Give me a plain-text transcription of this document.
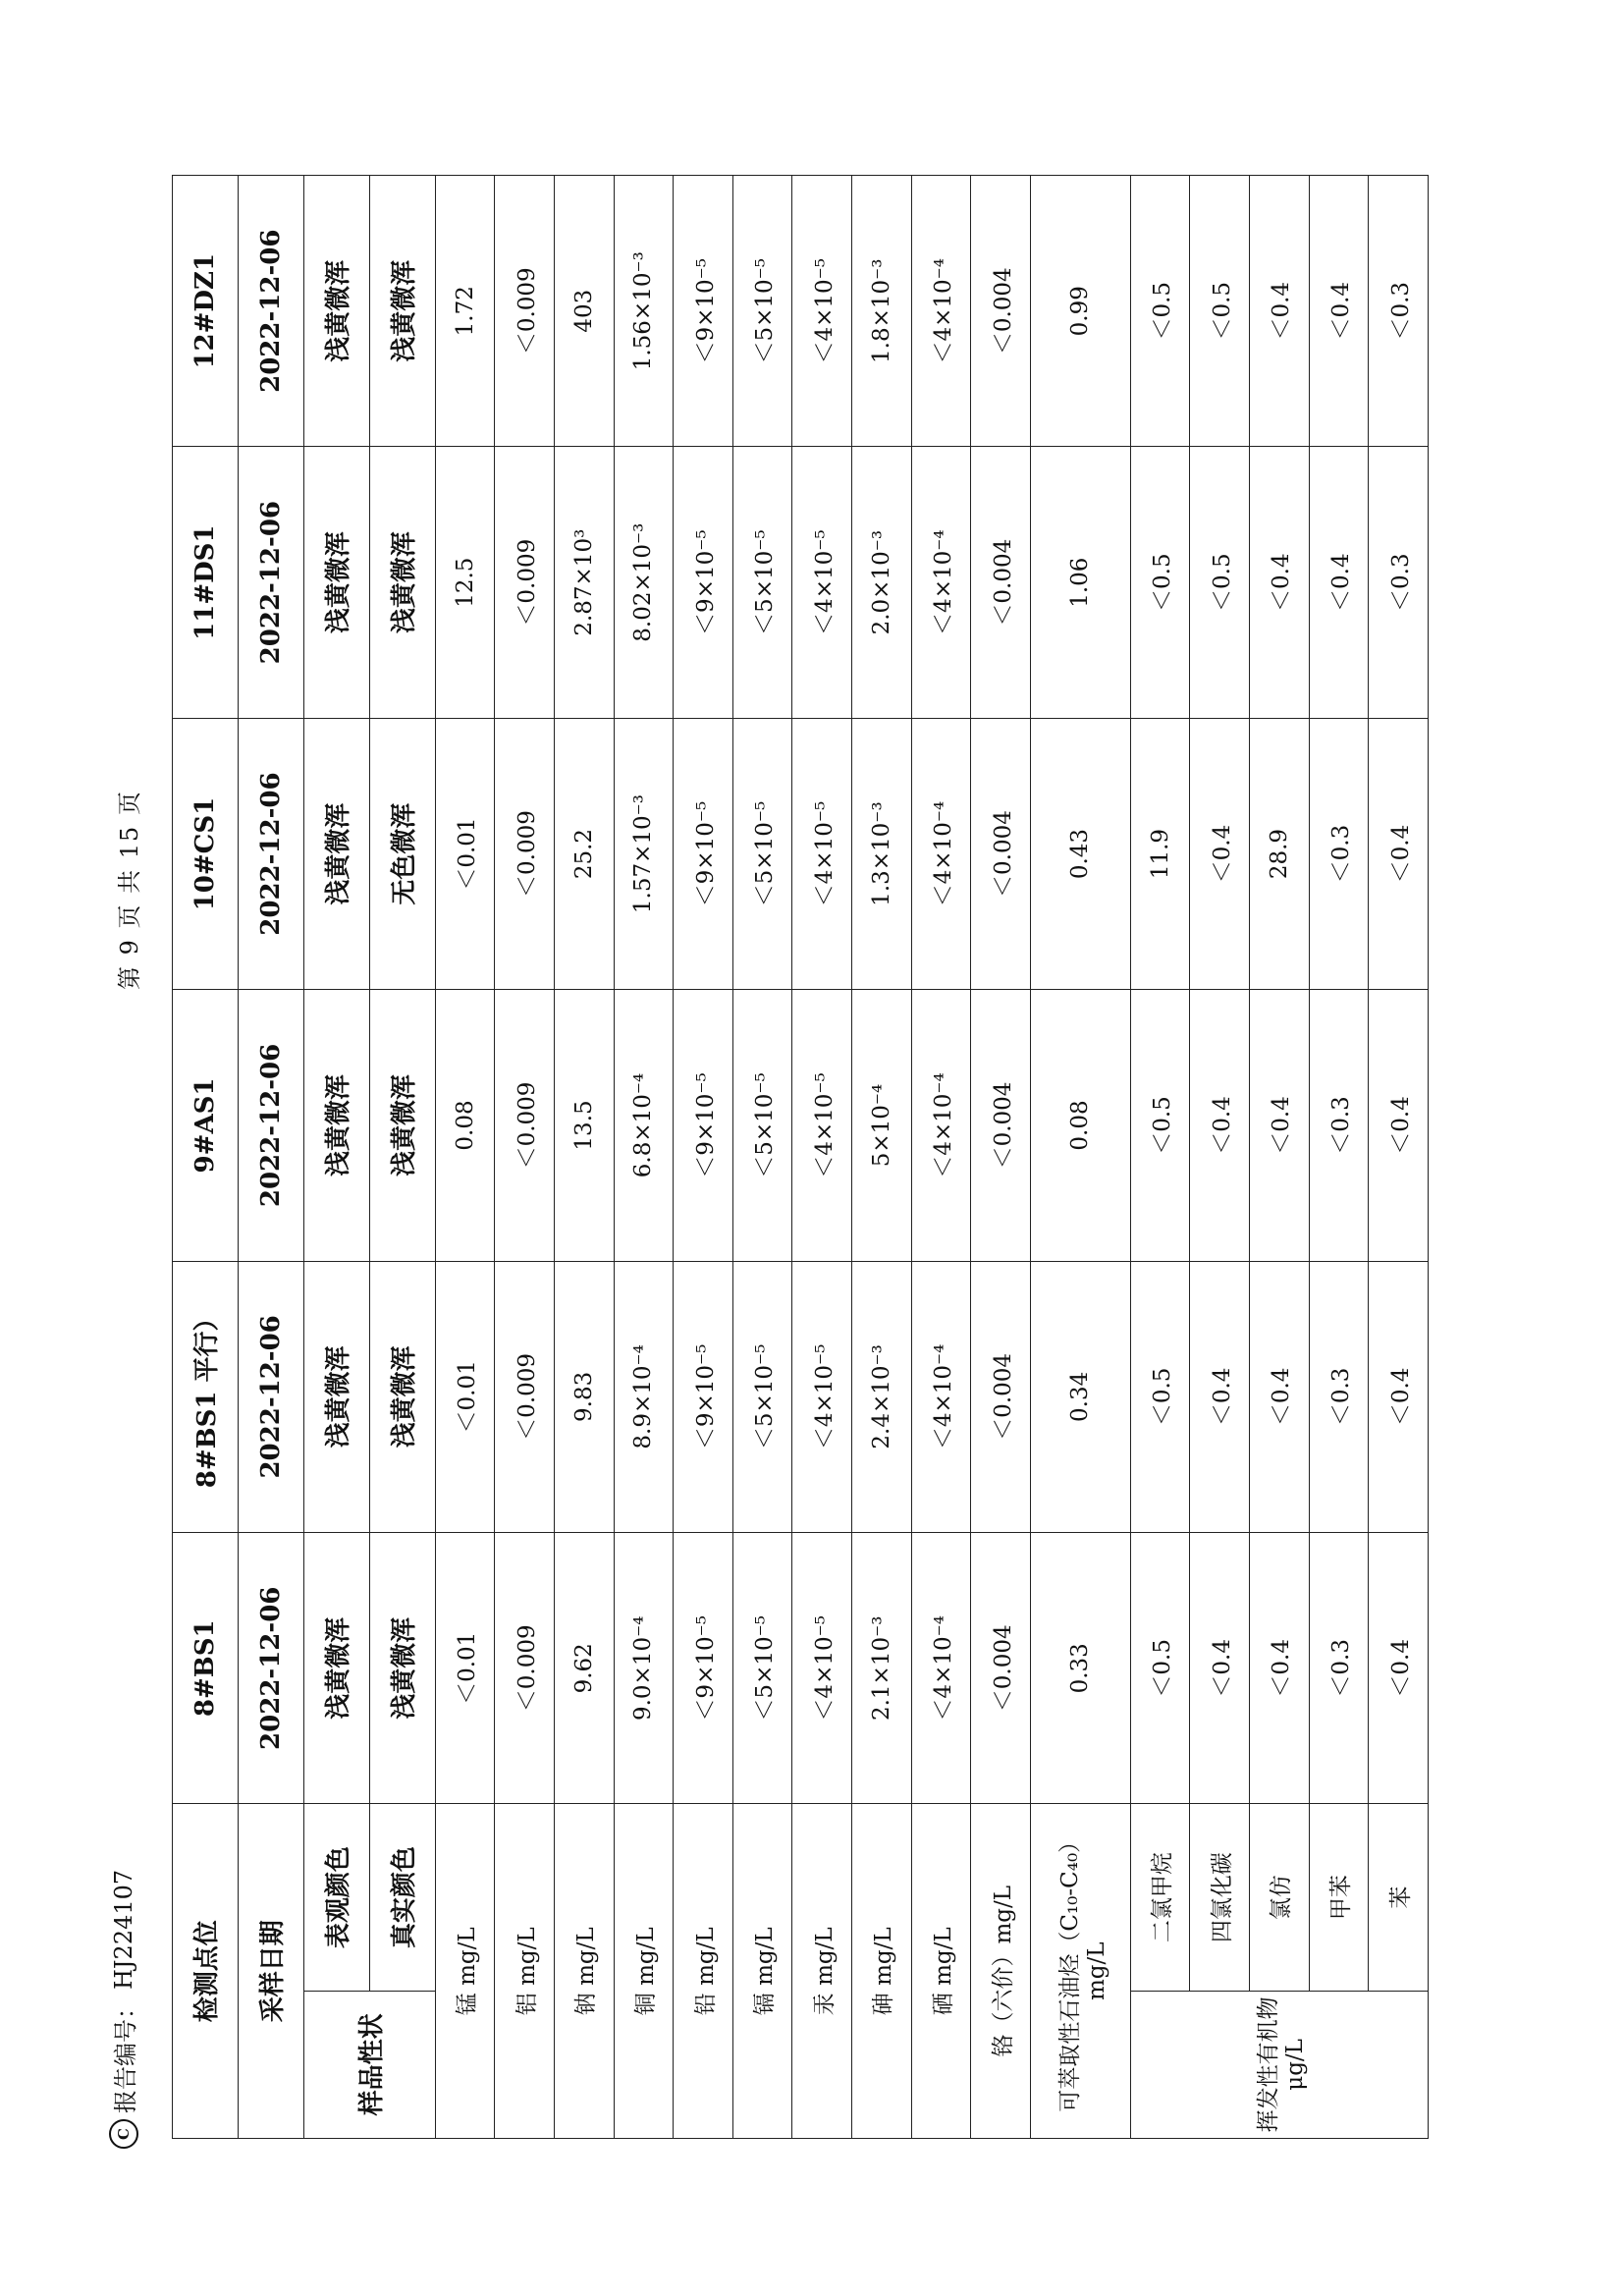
C
报告编号：
HJ224107
第 9 页 共 15 页
检测点位		8#BS1	8#BS1 平行）	9#AS1	10#CS1	11#DS1	12#DZ1
采样日期		2022-12-06	2022-12-06	2022-12-06	2022-12-06	2022-12-06	2022-12-06
样品性状	表观颜色	浅黄微浑	浅黄微浑	浅黄微浑	浅黄微浑	浅黄微浑	浅黄微浑
	真实颜色	浅黄微浑	浅黄微浑	浅黄微浑	无色微浑	浅黄微浑	浅黄微浑
锰 mg/L		＜0.01	＜0.01	0.08	＜0.01	12.5	1.72
铝 mg/L		＜0.009	＜0.009	＜0.009	＜0.009	＜0.009	＜0.009
钠 mg/L		9.62	9.83	13.5	25.2	2.87×10³	403
铜 mg/L		9.0×10⁻⁴	8.9×10⁻⁴	6.8×10⁻⁴	1.57×10⁻³	8.02×10⁻³	1.56×10⁻³
铅 mg/L		＜9×10⁻⁵	＜9×10⁻⁵	＜9×10⁻⁵	＜9×10⁻⁵	＜9×10⁻⁵	＜9×10⁻⁵
镉 mg/L		＜5×10⁻⁵	＜5×10⁻⁵	＜5×10⁻⁵	＜5×10⁻⁵	＜5×10⁻⁵	＜5×10⁻⁵
汞 mg/L		＜4×10⁻⁵	＜4×10⁻⁵	＜4×10⁻⁵	＜4×10⁻⁵	＜4×10⁻⁵	＜4×10⁻⁵
砷 mg/L		2.1×10⁻³	2.4×10⁻³	5×10⁻⁴	1.3×10⁻³	2.0×10⁻³	1.8×10⁻³
硒 mg/L		＜4×10⁻⁴	＜4×10⁻⁴	＜4×10⁻⁴	＜4×10⁻⁴	＜4×10⁻⁴	＜4×10⁻⁴
铬（六价）mg/L		＜0.004	＜0.004	＜0.004	＜0.004	＜0.004	＜0.004
可萃取性石油烃（C₁₀-C₄₀）mg/L		0.33	0.34	0.08	0.43	1.06	0.99
挥发性有机物 μg/L	二氯甲烷	＜0.5	＜0.5	＜0.5	11.9	＜0.5	＜0.5
	四氯化碳	＜0.4	＜0.4	＜0.4	＜0.4	＜0.5	＜0.5
	氯仿	＜0.4	＜0.4	＜0.4	28.9	＜0.4	＜0.4
	甲苯	＜0.3	＜0.3	＜0.3	＜0.3	＜0.4	＜0.4
	苯	＜0.4	＜0.4	＜0.4	＜0.4	＜0.3	＜0.3
